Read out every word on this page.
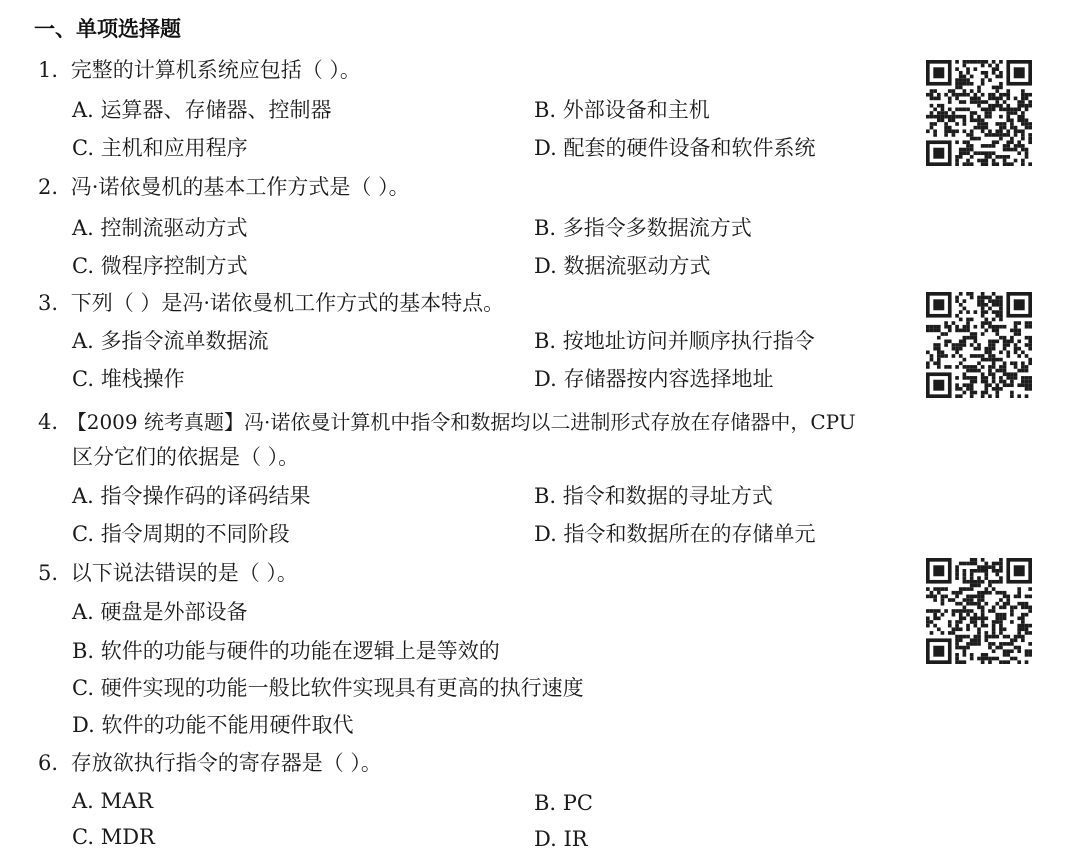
一、单项选择题
1. 完整的计算机系统应包括（ ）。
A. 运算器、存储器、控制器	B. 外部设备和主机
C. 主机和应用程序	D. 配套的硬件设备和软件系统
2. 冯·诺依曼机的基本工作方式是（ ）。
A. 控制流驱动方式	B. 多指令多数据流方式
C. 微程序控制方式	D. 数据流驱动方式
3. 下列（ ）是冯·诺依曼机工作方式的基本特点。
A. 多指令流单数据流	B. 按地址访问并顺序执行指令
C. 堆栈操作	D. 存储器按内容选择地址
4. 【2009 统考真题】冯·诺依曼计算机中指令和数据均以二进制形式存放在存储器中，CPU
区分它们的依据是（ ）。
A. 指令操作码的译码结果	B. 指令和数据的寻址方式
C. 指令周期的不同阶段	D. 指令和数据所在的存储单元
5. 以下说法错误的是（ ）。
A. 硬盘是外部设备
B. 软件的功能与硬件的功能在逻辑上是等效的
C. 硬件实现的功能一般比软件实现具有更高的执行速度
D. 软件的功能不能用硬件取代
6. 存放欲执行指令的寄存器是（ ）。
A. MAR	B. PC
C. MDR	D. IR
